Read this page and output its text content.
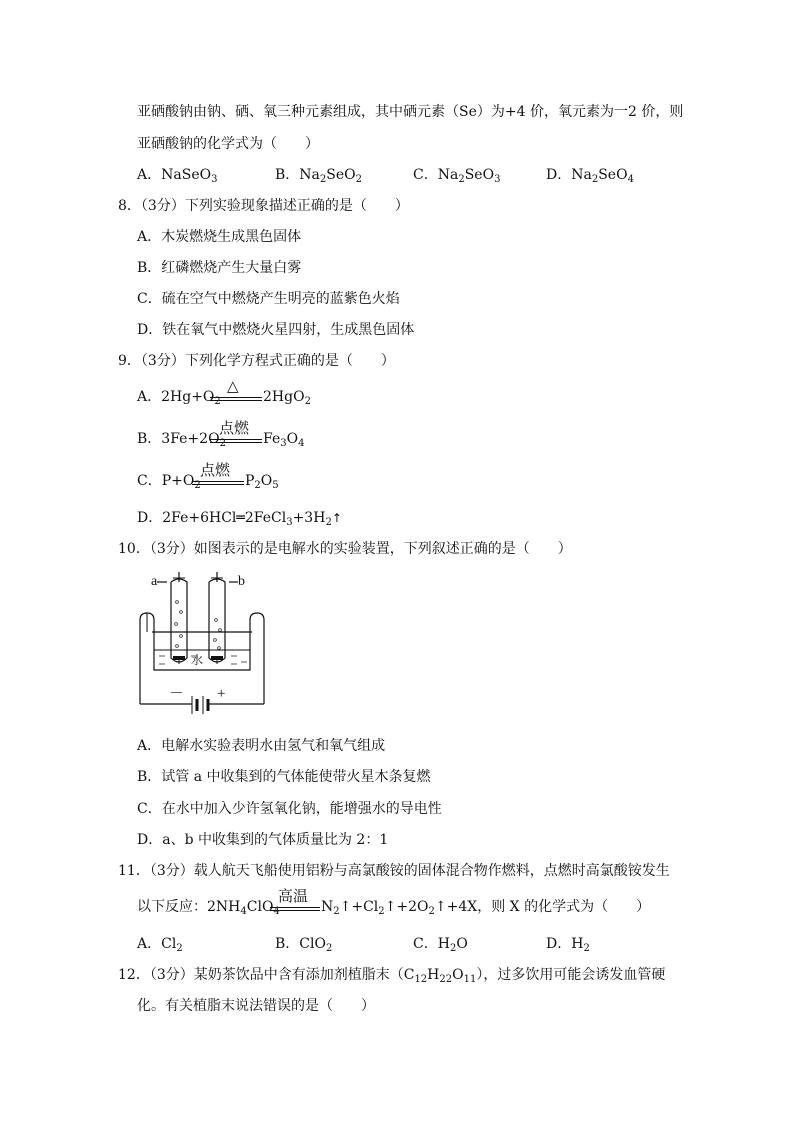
亚硒酸钠由钠、硒、氧三种元素组成，其中硒元素（Se）为+4 价，氧元素为一2 价，则
亚硒酸钠的化学式为（　　）
A．NaSeO$_3$	B．$Na_2SeO_2$	C．$Na_2SeO_3$	D．$Na_2SeO_4$
8．（3分）下列实验现象描述正确的是（　　）
A．木炭燃烧生成黑色固体
B．红磷燃烧产生大量白雾
C．硫在空气中燃烧产生明亮的蓝紫色火焰
D．铁在氧气中燃烧火星四射，生成黑色固体
9．（3分）下列化学方程式正确的是（　　）
A．$2Hg+O_2$
△
2HgO$_2$
B．$3Fe+2O_2$
点燃
$Fe_3O_4$
C．$P+O_2$
点燃
$P_2O_5$
D．$2Fe+6HCl═2FeCl_3+3H_2↑$
10．（3分）如图表示的是电解水的实验装置，下列叙述正确的是（　　）
a	b
水
－ +
A．电解水实验表明水由氢气和氧气组成
B．试管 a 中收集到的气体能使带火星木条复燃
C．在水中加入少许氢氧化钠，能增强水的导电性
D．a、b 中收集到的气体质量比为 2：1
11．（3分）载人航天飞船使用铝粉与高氯酸铵的固体混合物作燃料，点燃时高氯酸铵发生
以下反应：$2NH_4ClO_4$
高温
$N_2↑+Cl_2↑+2O_2↑+4X$，则 X 的化学式为（　　）
A．$Cl_2$	B．ClO$_2$	C．$H_2O$	D．$H_2$
12．（3分）某奶茶饮品中含有添加剂植脂末$(C_{12}H_{22}O_{11})$，过多饮用可能会诱发血管硬
化。有关植脂末说法错误的是（　　）
